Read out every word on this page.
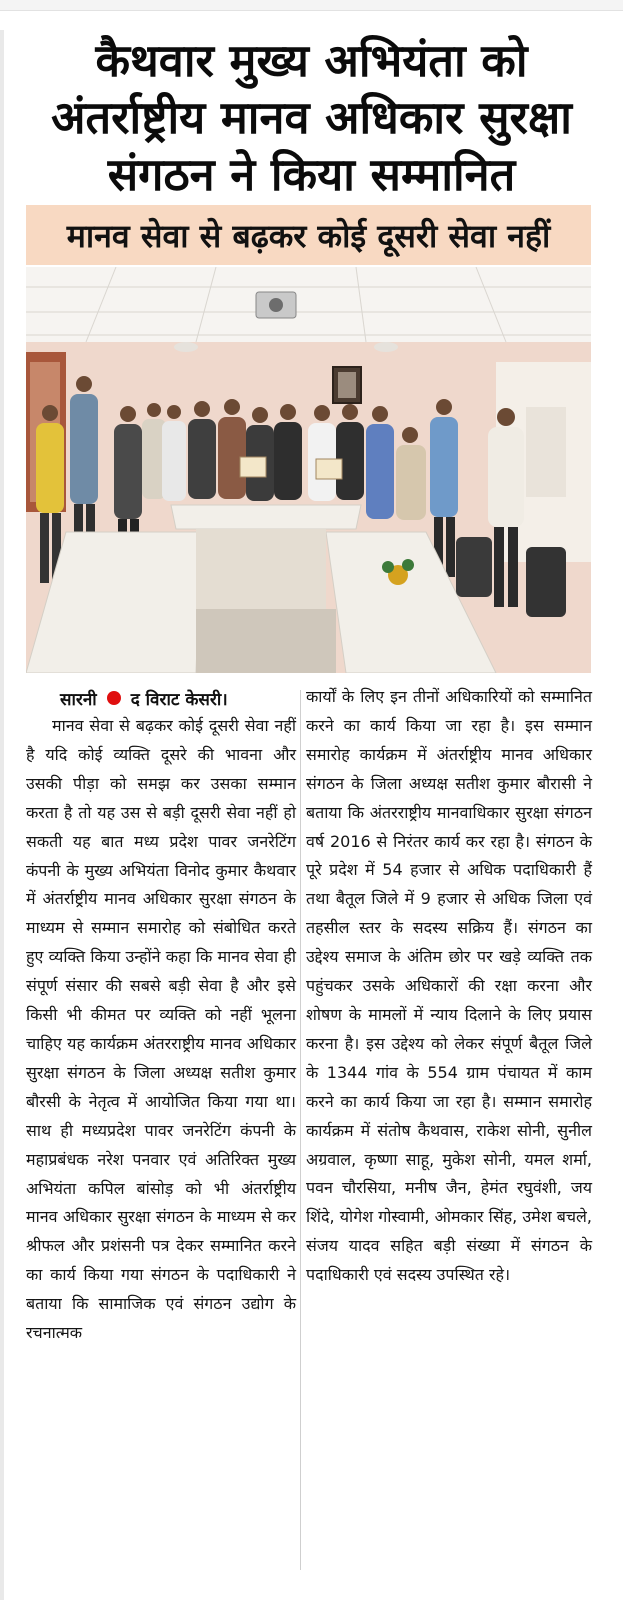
कैथवार मुख्य अभियंता को
अंतर्राष्ट्रीय मानव अधिकार सुरक्षा
संगठन ने किया सम्मानित
मानव सेवा से बढ़कर कोई दूसरी सेवा नहीं
सारनी द विराट केसरी।

मानव सेवा से बढ़कर कोई दूसरी सेवा नहीं है यदि कोई व्यक्ति दूसरे की भावना और उसकी पीड़ा को समझ कर उसका सम्मान करता है तो यह उस से बड़ी दूसरी सेवा नहीं हो सकती यह बात मध्य प्रदेश पावर जनरेटिंग कंपनी के मुख्य अभियंता विनोद कुमार कैथवार में अंतर्राष्ट्रीय मानव अधिकार सुरक्षा संगठन के माध्यम से सम्मान समारोह को संबोधित करते हुए व्यक्ति किया उन्होंने कहा कि मानव सेवा ही संपूर्ण संसार की सबसे बड़ी सेवा है और इसे किसी भी कीमत पर व्यक्ति को नहीं भूलना चाहिए यह कार्यक्रम अंतरराष्ट्रीय मानव अधिकार सुरक्षा संगठन के जिला अध्यक्ष सतीश कुमार बौरसी के नेतृत्व में आयोजित किया गया था। साथ ही मध्यप्रदेश पावर जनरेटिंग कंपनी के महाप्रबंधक नरेश पनवार एवं अतिरिक्त मुख्य अभियंता कपिल बांसोड़ को भी अंतर्राष्ट्रीय मानव अधिकार सुरक्षा संगठन के माध्यम से कर श्रीफल और प्रशंसनी पत्र देकर सम्मानित करने का कार्य किया गया संगठन के पदाधिकारी ने बताया कि सामाजिक एवं संगठन उद्योग के रचनात्मक

कार्यों के लिए इन तीनों अधिकारियों को सम्मानित करने का कार्य किया जा रहा है। इस सम्मान समारोह कार्यक्रम में अंतर्राष्ट्रीय मानव अधिकार संगठन के जिला अध्यक्ष सतीश कुमार बौरासी ने बताया कि अंतरराष्ट्रीय मानवाधिकार सुरक्षा संगठन वर्ष 2016 से निरंतर कार्य कर रहा है। संगठन के पूरे प्रदेश में 54 हजार से अधिक पदाधिकारी हैं तथा बैतूल जिले में 9 हजार से अधिक जिला एवं तहसील स्तर के सदस्य सक्रिय हैं। संगठन का उद्देश्य समाज के अंतिम छोर पर खड़े व्यक्ति तक पहुंचकर उसके अधिकारों की रक्षा करना और शोषण के मामलों में न्याय दिलाने के लिए प्रयास करना है। इस उद्देश्य को लेकर संपूर्ण बैतूल जिले के 1344 गांव के 554 ग्राम पंचायत में काम करने का कार्य किया जा रहा है। सम्मान समारोह कार्यक्रम में संतोष कैथवास, राकेश सोनी, सुनील अग्रवाल, कृष्णा साहू, मुकेश सोनी, यमल शर्मा, पवन चौरसिया, मनीष जैन, हेमंत रघुवंशी, जय शिंदे, योगेश गोस्वामी, ओमकार सिंह, उमेश बचले, संजय यादव सहित बड़ी संख्या में संगठन के पदाधिकारी एवं सदस्य उपस्थित रहे।
